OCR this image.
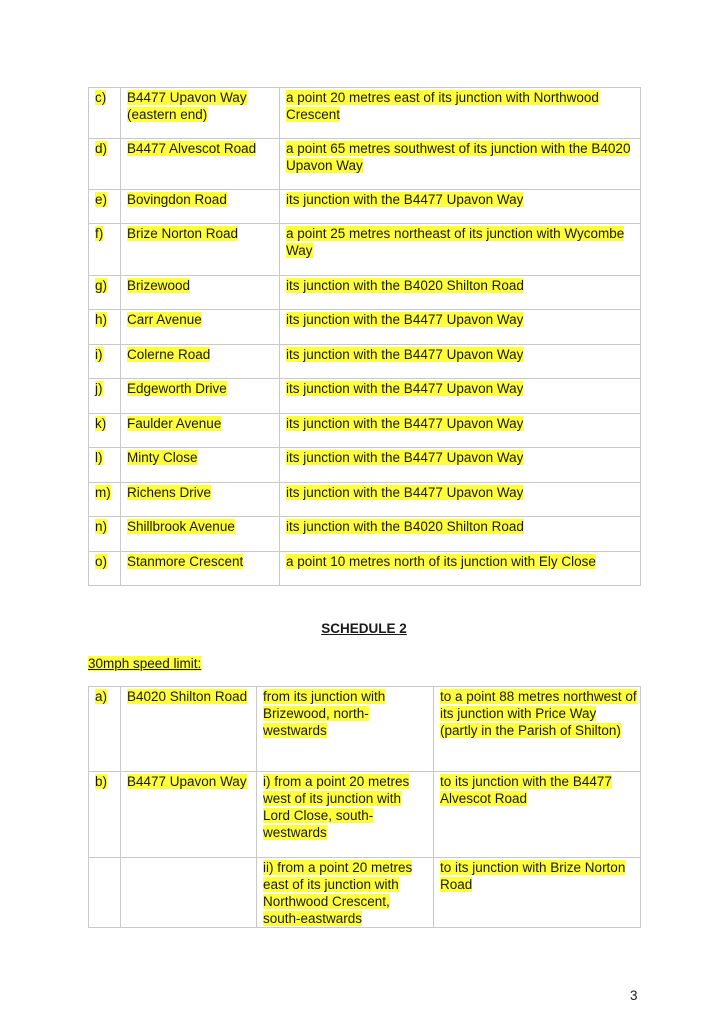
c)	B4477 Upavon Way (eastern end)	a point 20 metres east of its junction with Northwood Crescent

d)	B4477 Alvescot Road	a point 65 metres southwest of its junction with the B4020 Upavon Way

e)	Bovingdon Road	its junction with the B4477 Upavon Way

f)	Brize Norton Road	a point 25 metres northeast of its junction with Wycombe Way

g)	Brizewood	its junction with the B4020 Shilton Road

h)	Carr Avenue	its junction with the B4477 Upavon Way

i)	Colerne Road	its junction with the B4477 Upavon Way

j)	Edgeworth Drive	its junction with the B4477 Upavon Way

k)	Faulder Avenue	its junction with the B4477 Upavon Way

l)	Minty Close	its junction with the B4477 Upavon Way

m)	Richens Drive	its junction with the B4477 Upavon Way

n)	Shillbrook Avenue	its junction with the B4020 Shilton Road

o)	Stanmore Crescent	a point 10 metres north of its junction with Ely Close
SCHEDULE 2
30mph speed limit:
a)	B4020 Shilton Road	from its junction with Brizewood, north-westwards	to a point 88 metres northwest of its junction with Price Way (partly in the Parish of Shilton)

b)	B4477 Upavon Way	i) from a point 20 metres west of its junction with Lord Close, south-westwards	to its junction with the B4477 Alvescot Road

		ii) from a point 20 metres east of its junction with Northwood Crescent, south-eastwards	to its junction with Brize Norton Road
3
